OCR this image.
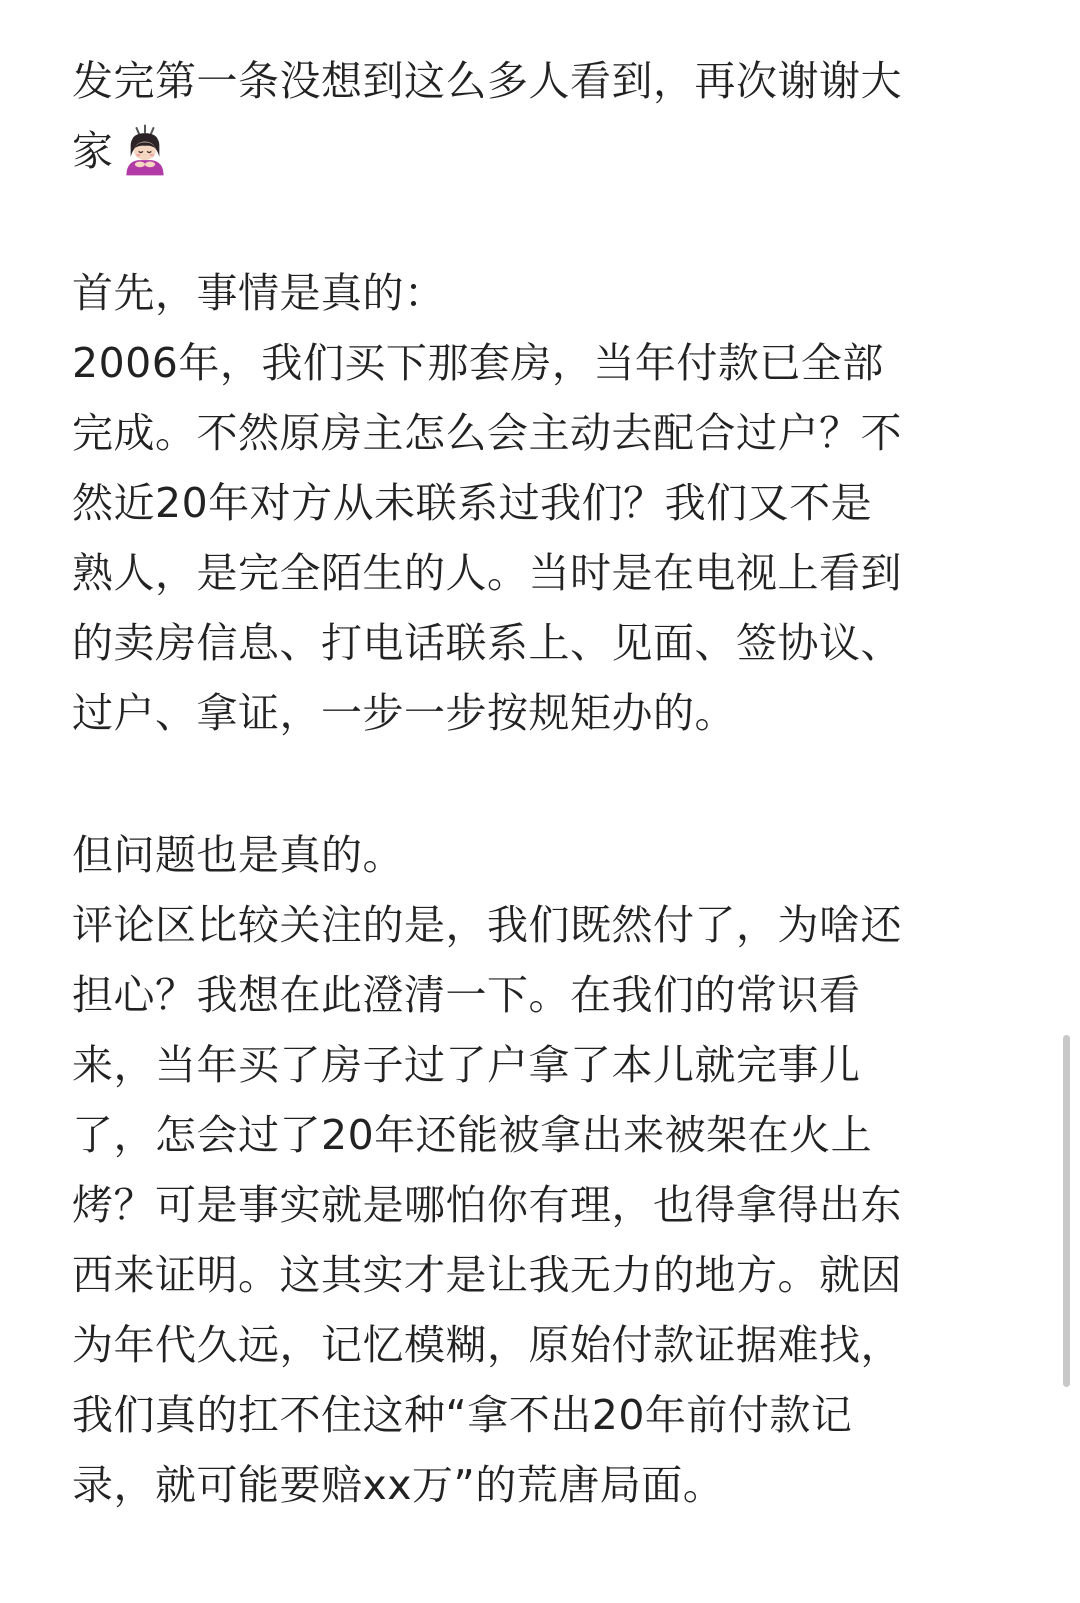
发完第一条没想到这么多人看到，再次谢谢大
家
首先，事情是真的：
2006年，我们买下那套房，当年付款已全部
完成。不然原房主怎么会主动去配合过户？不
然近20年对方从未联系过我们？我们又不是
熟人，是完全陌生的人。当时是在电视上看到
的卖房信息、打电话联系上、见面、签协议、
过户、拿证，一步一步按规矩办的。
但问题也是真的。
评论区比较关注的是，我们既然付了，为啥还
担心？我想在此澄清一下。在我们的常识看
来，当年买了房子过了户拿了本儿就完事儿
了，怎会过了20年还能被拿出来被架在火上
烤？可是事实就是哪怕你有理，也得拿得出东
西来证明。这其实才是让我无力的地方。就因
为年代久远，记忆模糊，原始付款证据难找，
我们真的扛不住这种“拿不出20年前付款记
录，就可能要赔xx万”的荒唐局面。
